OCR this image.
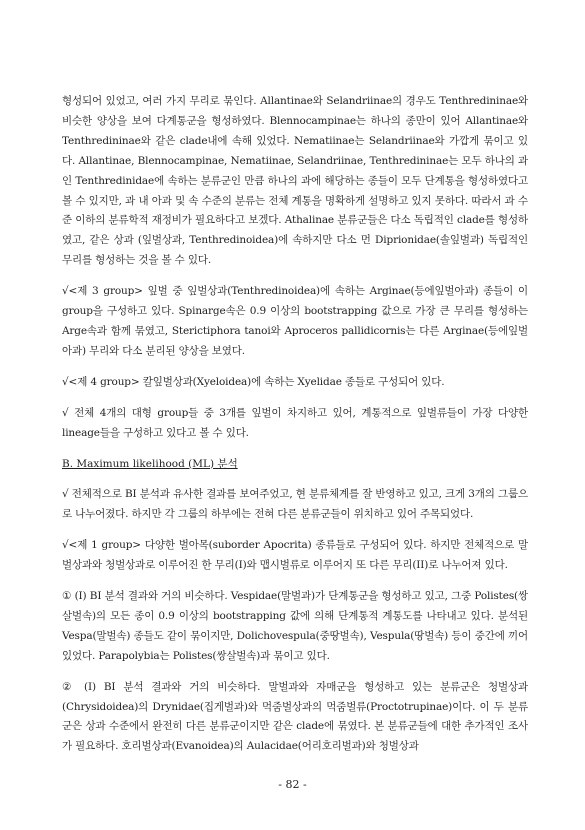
형성되어 있었고, 여러 가지 무리로 묶인다. Allantinae와 Selandriinae의 경우도 Tenthredininae와 비슷한 양상을 보여 다계통군을 형성하였다. Blennocampinae는 하나의 종만이 있어 Allantinae와 Tenthredininae와 같은 clade내에 속해 있었다. Nematiinae는 Selandriinae와 가깝게 묶이고 있다. Allantinae, Blennocampinae, Nematiinae, Selandriinae, Tenthredininae는 모두 하나의 과인 Tenthredinidae에 속하는 분류군인 만큼 하나의 과에 해당하는 종들이 모두 단계통을 형성하였다고 볼 수 있지만, 과 내 아과 및 속 수준의 분류는 전체 계통을 명확하게 설명하고 있지 못하다. 따라서 과 수준 이하의 분류학적 재정비가 필요하다고 보겠다. Athalinae 분류군들은 다소 독립적인 clade를 형성하였고, 같은 상과 (잎벌상과, Tenthredinoidea)에 속하지만 다소 먼 Diprionidae(솔잎벌과) 독립적인 무리를 형성하는 것을 볼 수 있다.

√<제 3 group> 잎벌 중 잎벌상과(Tenthredinoidea)에 속하는 Arginae(등에잎벌아과) 종들이 이 group을 구성하고 있다. Spinarge속은 0.9 이상의 bootstrapping 값으로 가장 큰 무리를 형성하는 Arge속과 함께 묶였고, Sterictiphora tanoi와 Aproceros pallidicornis는 다른 Arginae(등에잎벌아과) 무리와 다소 분리된 양상을 보였다.

√<제 4 group> 칼잎벌상과(Xyeloidea)에 속하는 Xyelidae 종들로 구성되어 있다.

√ 전체 4개의 대형 group들 중 3개를 잎벌이 차지하고 있어, 계통적으로 잎벌류들이 가장 다양한 lineage들을 구성하고 있다고 볼 수 있다.

B. Maximum likelihood (ML) 분석

√ 전체적으로 BI 분석과 유사한 결과를 보여주었고, 현 분류체계를 잘 반영하고 있고, 크게 3개의 그룹으로 나누어졌다. 하지만 각 그룹의 하부에는 전혀 다른 분류군들이 위치하고 있어 주목되었다.

√<제 1 group> 다양한 벌아목(suborder Apocrita) 종류들로 구성되어 있다. 하지만 전체적으로 말벌상과와 청벌상과로 이루어진 한 무리(I)와 맵시벌류로 이루어지 또 다른 무리(II)로 나누어져 있다.

① (I) BI 분석 결과와 거의 비슷하다. Vespidae(말벌과)가 단계통군을 형성하고 있고, 그중 Polistes(쌍살벌속)의 모든 종이 0.9 이상의 bootstrapping 값에 의해 단계통적 계통도를 나타내고 있다. 분석된 Vespa(말벌속) 종들도 같이 묶이지만, Dolichovespula(중땅벌속), Vespula(땅벌속) 등이 중간에 끼어 있었다. Parapolybia는 Polistes(쌍살벌속)과 묶이고 있다.

② (I) BI 분석 결과와 거의 비슷하다. 말벌과와 자매군을 형성하고 있는 분류군은 청벌상과(Chrysidoidea)의 Drynidae(집게벌과)와 먹줌벌상과의 먹줌벌류(Proctotrupinae)이다. 이 두 분류군은 상과 수준에서 완전히 다른 분류군이지만 같은 clade에 묶였다. 본 분류군들에 대한 추가적인 조사가 필요하다. 호리벌상과(Evanoidea)의 Aulacidae(어리호리벌과)와 청벌상과

- 82 -
